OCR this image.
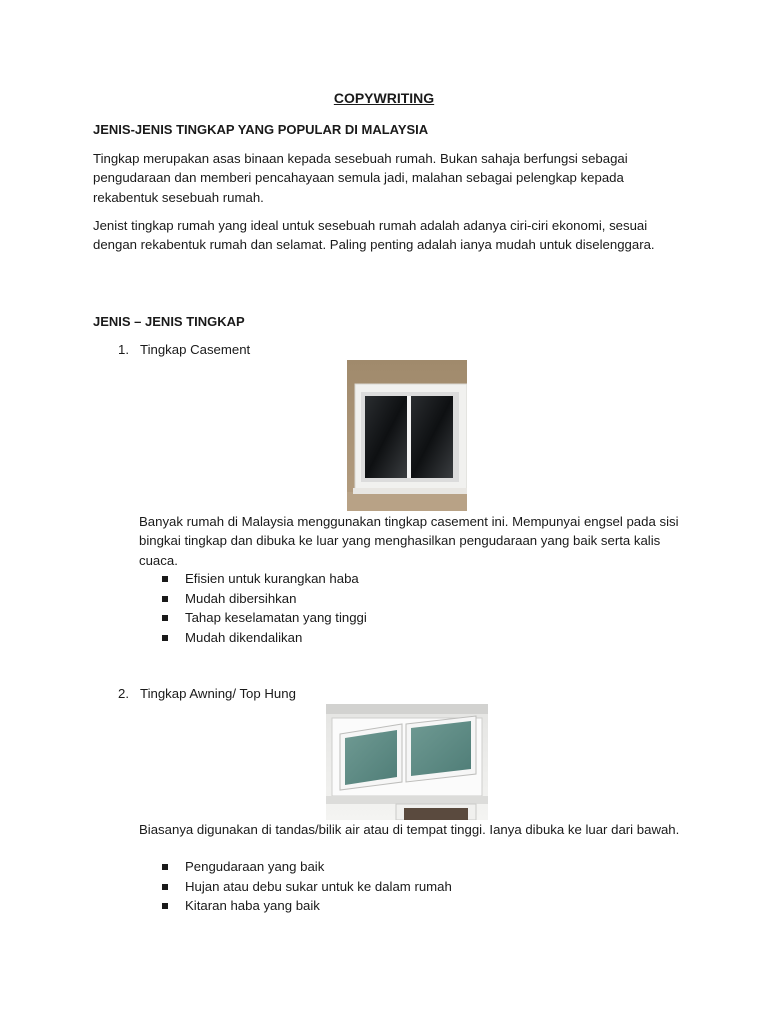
COPYWRITING
JENIS-JENIS TINGKAP YANG POPULAR DI MALAYSIA
Tingkap merupakan asas binaan kepada sesebuah rumah. Bukan sahaja berfungsi sebagai pengudaraan dan memberi pencahayaan semula jadi, malahan sebagai pelengkap kepada rekabentuk sesebuah rumah.
Jenist tingkap rumah yang ideal untuk sesebuah rumah adalah adanya ciri-ciri ekonomi, sesuai dengan rekabentuk rumah dan selamat. Paling penting adalah ianya mudah untuk diselenggara.
JENIS – JENIS TINGKAP
1. Tingkap Casement
Banyak rumah di Malaysia menggunakan tingkap casement ini. Mempunyai engsel pada sisi bingkai tingkap dan dibuka ke luar yang menghasilkan pengudaraan yang baik serta kalis cuaca.
Efisien untuk kurangkan haba
Mudah dibersihkan
Tahap keselamatan yang tinggi
Mudah dikendalikan
2. Tingkap Awning/ Top Hung
Biasanya digunakan di tandas/bilik air atau di tempat tinggi. Ianya dibuka ke luar dari bawah.
Pengudaraan yang baik
Hujan atau debu sukar untuk ke dalam rumah
Kitaran haba yang baik
